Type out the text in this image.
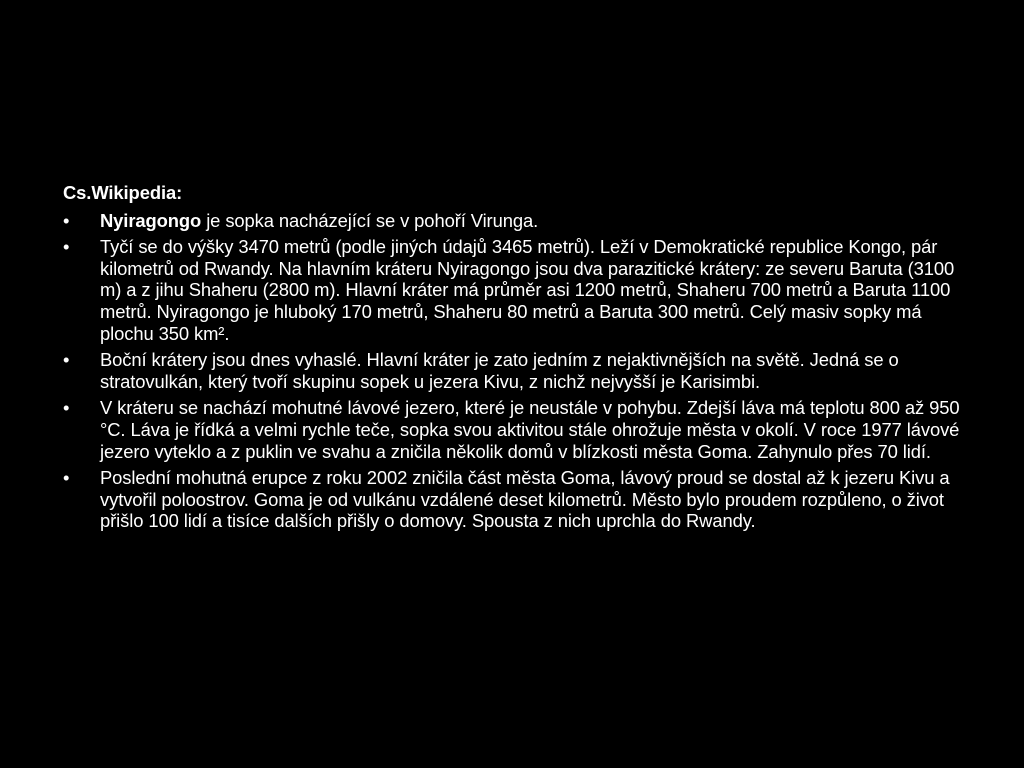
Cs.Wikipedia:
• Nyiragongo je sopka nacházející se v pohoří Virunga.
• Tyčí se do výšky 3470 metrů (podle jiných údajů 3465 metrů). Leží v Demokratické republice Kongo, pár kilometrů od Rwandy. Na hlavním kráteru Nyiragongo jsou dva parazitické krátery: ze severu Baruta (3100 m) a z jihu Shaheru (2800 m). Hlavní kráter má průměr asi 1200 metrů, Shaheru 700 metrů a Baruta 1100 metrů. Nyiragongo je hluboký 170 metrů, Shaheru 80 metrů a Baruta 300 metrů. Celý masiv sopky má plochu 350 km².
• Boční krátery jsou dnes vyhaslé. Hlavní kráter je zato jedním z nejaktivnějších na světě. Jedná se o stratovulkán, který tvoří skupinu sopek u jezera Kivu, z nichž nejvyšší je Karisimbi.
• V kráteru se nachází mohutné lávové jezero, které je neustále v pohybu. Zdejší láva má teplotu 800 až 950 °C. Láva je řídká a velmi rychle teče, sopka svou aktivitou stále ohrožuje města v okolí. V roce 1977 lávové jezero vyteklo a z puklin ve svahu a zničila několik domů v blízkosti města Goma. Zahynulo přes 70 lidí.
• Poslední mohutná erupce z roku 2002 zničila část města Goma, lávový proud se dostal až k jezeru Kivu a vytvořil poloostrov. Goma je od vulkánu vzdálené deset kilometrů. Město bylo proudem rozpůleno, o život přišlo 100 lidí a tisíce dalších přišly o domovy. Spousta z nich uprchla do Rwandy.
